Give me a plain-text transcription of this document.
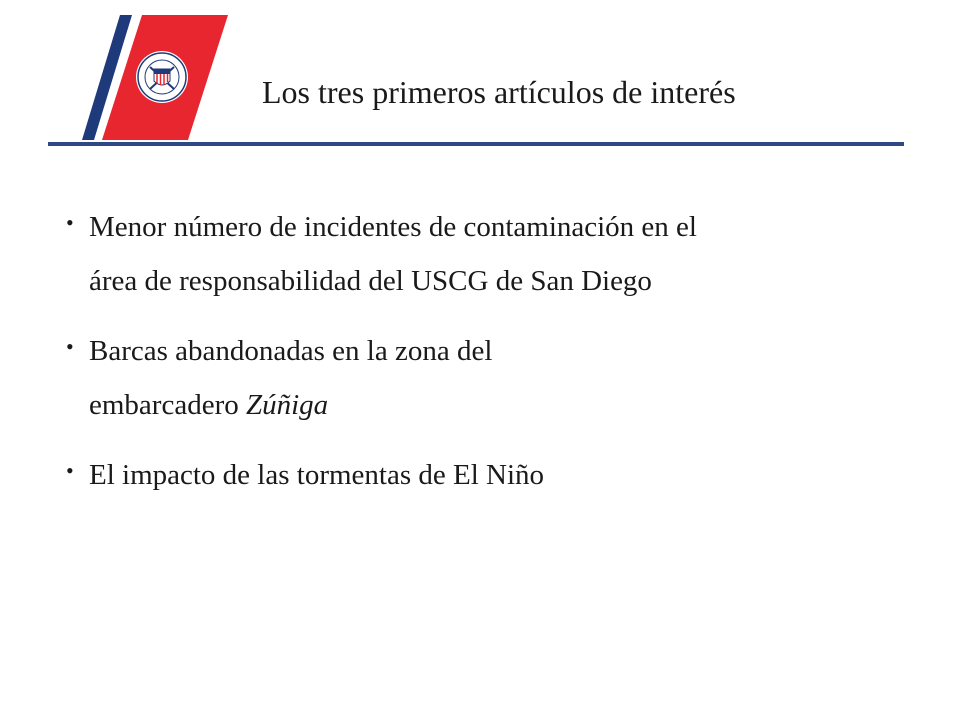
Los tres primeros artículos de interés
• Menor número de incidentes de contaminación en el
área de responsabilidad del USCG de San Diego
• Barcas abandonadas en la zona del
embarcadero Zúñiga
• El impacto de las tormentas de El Niño
